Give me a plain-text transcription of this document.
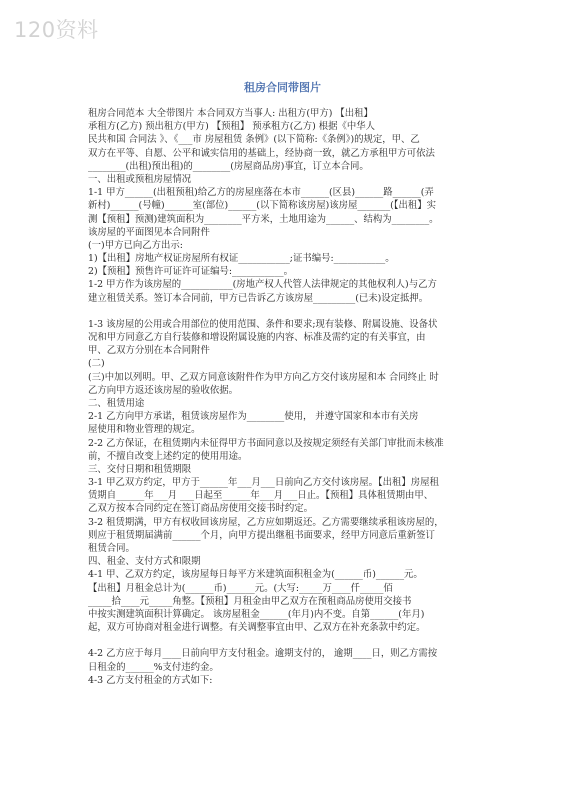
120资料
租房合同带图片
租房合同范本 大全带图片 本合同双方当事人: 出租方(甲方) 【出租】
承租方(乙方) 预出租方(甲方) 【预租】 预承租方(乙方) 根据《中华人
民共和国 合同法 》、《___市 房屋租赁 条例》(以下简称:《条例》)的规定，甲、乙
双方在平等、自愿、公平和诚实信用的基础上，经协商一致，就乙方承租甲方可依法
________(出租)预出租)的________(房屋商品房)事宜，订立本合同。
一、出租或预租房屋情况
1-1 甲方______(出租预租)给乙方的房屋座落在本市______(区县)______路______(弄
新村)______(号幢)______室(部位)______(以下简称该房屋)该房屋_______(【出租】实
测【预租】预测)建筑面积为________平方米，土地用途为______、结构为________。
该房屋的平面图见本合同附件
(一)甲方已向乙方出示:
1)【出租】房地产权证房屋所有权证___________;证书编号:___________。
2)【预租】预售许可证许可证编号:___________。
1-2 甲方作为该房屋的___________(房地产权人代管人法律规定的其他权利人)与乙方
建立租赁关系。签订本合同前，甲方已告诉乙方该房屋_________(已未)设定抵押。
1-3 该房屋的公用或合用部位的使用范围、条件和要求;现有装修、附属设施、设备状
况和甲方同意乙方自行装修和增设附属设施的内容、标准及需约定的有关事宜，由
甲、乙双方分别在本合同附件
(二)
(三)中加以列明。甲、乙双方同意该附件作为甲方向乙方交付该房屋和本 合同终止 时
乙方向甲方返还该房屋的验收依据。
二、租赁用途
2-1 乙方向甲方承诺，租赁该房屋作为________使用， 并遵守国家和本市有关房
屋使用和物业管理的规定。
2-2 乙方保证，在租赁期内未征得甲方书面同意以及按规定须经有关部门审批而未核准
前，不擅自改变上述约定的使用用途。
三、交付日期和租赁期限
3-1 甲乙双方约定，甲方于______年___月___日前向乙方交付该房屋。【出租】房屋租
赁期自______年___月 ___日起至______年___月___日止。【预租】具体租赁期由甲、
乙双方按本合同约定在签订商品房使用交接书时约定。
3-2 租赁期满，甲方有权收回该房屋，乙方应如期返还。乙方需要继续承租该房屋的，
则应于租赁期届满前______个月，向甲方提出继租书面要求，经甲方同意后重新签订
租赁合同。
四、租金、支付方式和限期
4-1 甲、乙双方约定，该房屋每日每平方米建筑面积租金为(______币)______元。
【出租】月租金总计为(______币)______元。(大写:_____万____仟_____佰
_____拾____元_____角整。【预租】月租金由甲乙双方在预租商品房使用交接书
中按实测建筑面积计算确定。 该房屋租金______(年月)内不变。自第______(年月)
起，双方可协商对租金进行调整。有关调整事宜由甲、乙双方在补充条款中约定。
4-2 乙方应于每月____日前向甲方支付租金。逾期支付的， 逾期____日，则乙方需按
日租金的______%支付违约金。
4-3 乙方支付租金的方式如下:
